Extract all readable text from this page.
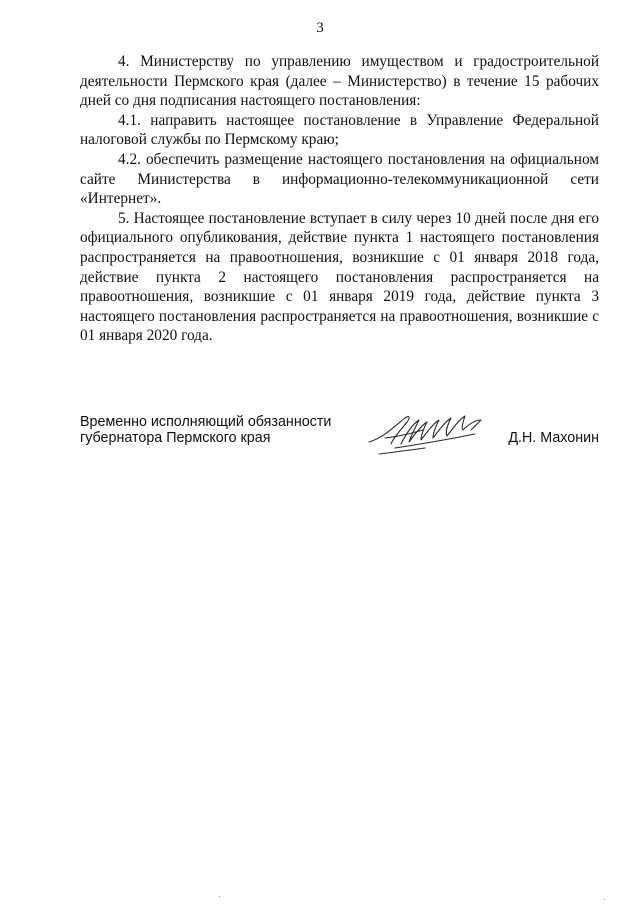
3

4. Министерству по управлению имуществом и градостроительной деятельности Пермского края (далее – Министерство) в течение 15 рабочих дней со дня подписания настоящего постановления:

4.1. направить настоящее постановление в Управление Федеральной налоговой службы по Пермскому краю;

4.2. обеспечить размещение настоящего постановления на официальном сайте Министерства в информационно-телекоммуникационной сети «Интернет».

5. Настоящее постановление вступает в силу через 10 дней после дня его официального опубликования, действие пункта 1 настоящего постановления распространяется на правоотношения, возникшие с 01 января 2018 года, действие пункта 2 настоящего постановления распространяется на правоотношения, возникшие с 01 января 2019 года, действие пункта 3 настоящего постановления распространяется на правоотношения, возникшие с 01 января 2020 года.

Временно исполняющий обязанности
губернатора Пермского края	Д.Н. Махонин
